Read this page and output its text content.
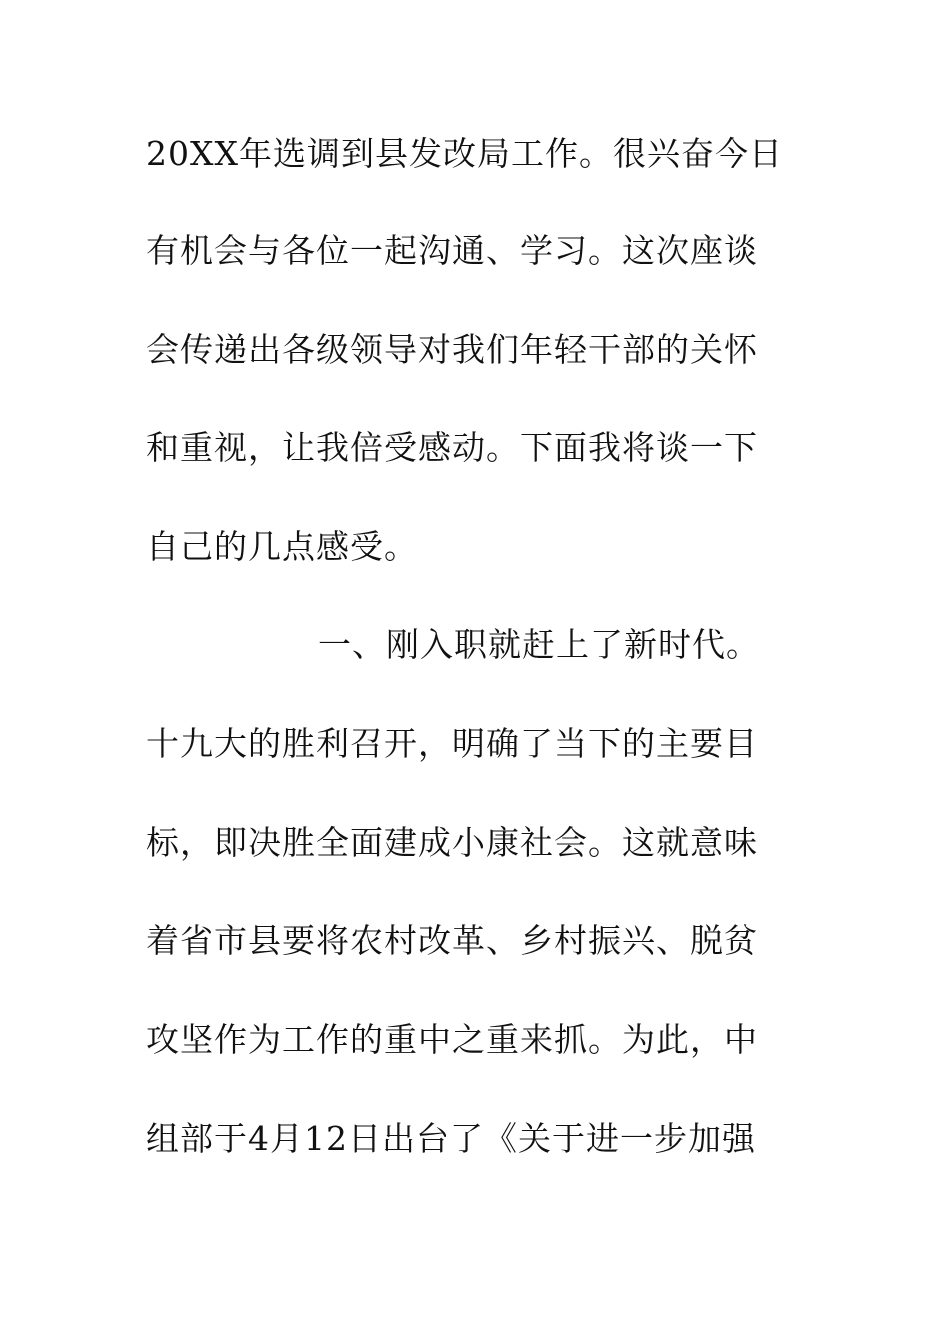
20XX年选调到县发改局工作。很兴奋今日
有机会与各位一起沟通、学习。这次座谈
会传递出各级领导对我们年轻干部的关怀
和重视，让我倍受感动。下面我将谈一下
自己的几点感受。
一、刚入职就赶上了新时代。
十九大的胜利召开，明确了当下的主要目
标，即决胜全面建成小康社会。这就意味
着省市县要将农村改革、乡村振兴、脱贫
攻坚作为工作的重中之重来抓。为此，中
组部于4月12日出台了《关于进一步加强
